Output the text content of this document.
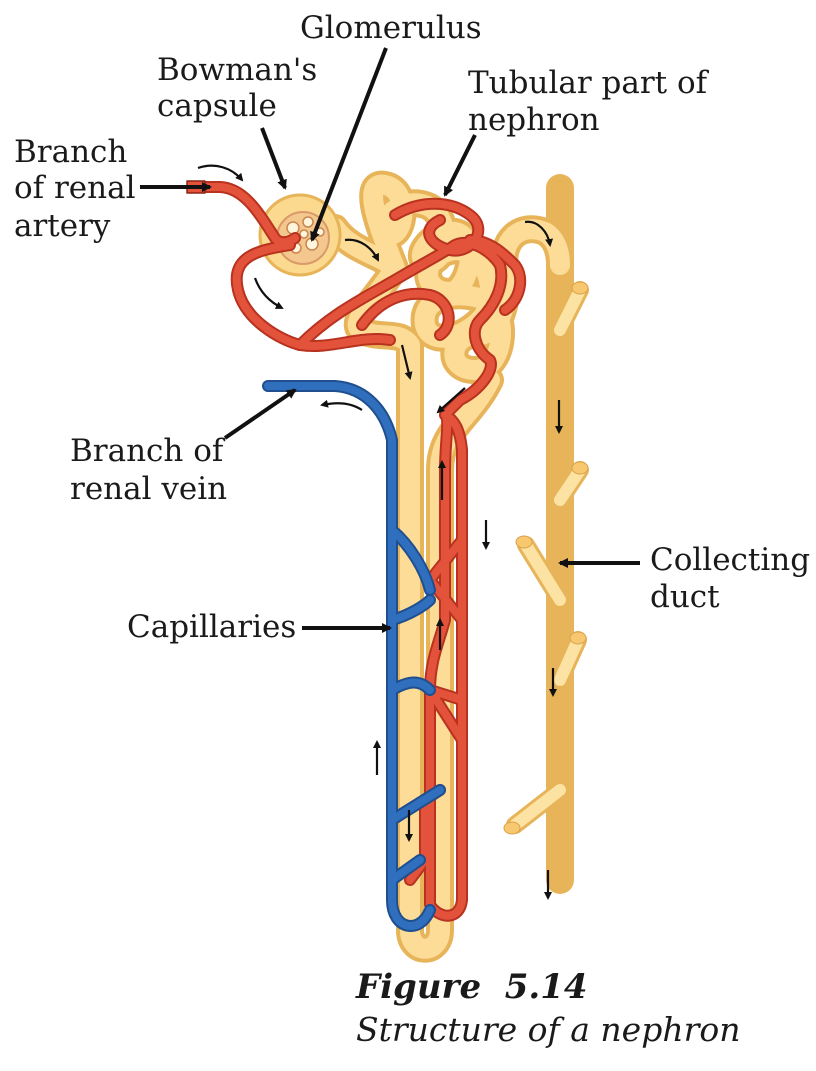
Glomerulus
Bowman's
capsule
Tubular part of
nephron
Branch
of renal
artery
Branch of
renal vein
Collecting
duct
Capillaries
Figure  5.14
Structure of a nephron
